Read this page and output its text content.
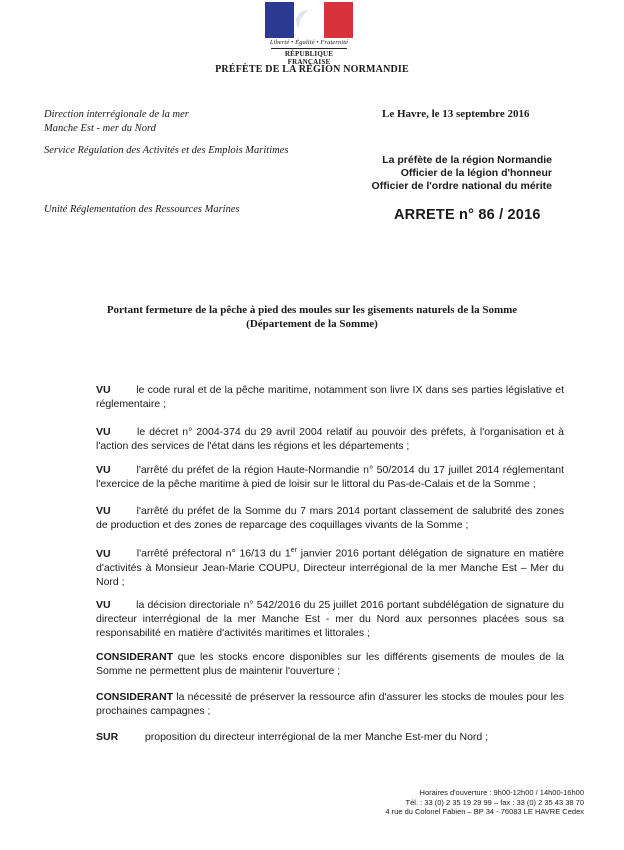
Liberté • Égalité • Fraternité
RÉPUBLIQUE FRANÇAISE
PRÉFÈTE DE LA RÉGION NORMANDIE
Direction interrégionale de la mer
Manche Est - mer du Nord
Le Havre, le 13 septembre 2016
Service Régulation des Activités et des Emplois Maritimes
La préfète de la région Normandie
Officier de la légion d'honneur
Officier de l'ordre national du mérite
Unité Réglementation des Ressources Marines	ARRETE n° 86 / 2016
Portant fermeture de la pêche à pied des moules sur les gisements naturels de la Somme
(Département de la Somme)
VU le code rural et de la pêche maritime, notamment son livre IX dans ses parties législative et réglementaire ;
VU	le décret n° 2004-374 du 29 avril 2004 relatif au pouvoir des préfets, à l'organisation et à l'action des services de l'état dans les régions et les départements ;
VU l'arrêté du préfet de la région Haute-Normandie n° 50/2014 du 17 juillet 2014 réglementant l'exercice de la pêche maritime à pied de loisir sur le littoral du Pas-de-Calais et de la Somme ;
VU l'arrêté du préfet de la Somme du 7 mars 2014 portant classement de salubrité des zones de production et des zones de reparcage des coquillages vivants de la Somme ;
VU l'arrêté préfectoral n° 16/13 du 1er janvier 2016 portant délégation de signature en matière d'activités à Monsieur Jean-Marie COUPU, Directeur interrégional de la mer Manche Est – Mer du Nord ;
VU la décision directoriale n° 542/2016 du 25 juillet 2016 portant subdélégation de signature du directeur interrégional de la mer Manche Est - mer du Nord aux personnes placées sous sa responsabilité en matière d'activités maritimes et littorales ;
CONSIDERANT que les stocks encore disponibles sur les différents gisements de moules de la Somme ne permettent plus de maintenir l'ouverture ;
CONSIDERANT la nécessité de préserver la ressource afin d'assurer les stocks de moules pour les prochaines campagnes ;
SUR	proposition du directeur interrégional de la mer Manche Est-mer du Nord ;
Horaires d'ouverture : 9h00-12h00 / 14h00-16h00
Tél. : 33 (0) 2 35 19 29 99 – fax : 33 (0) 2 35 43 38 70
4 rue du Colonel Fabien – BP 34 - 76083 LE HAVRE Cedex
